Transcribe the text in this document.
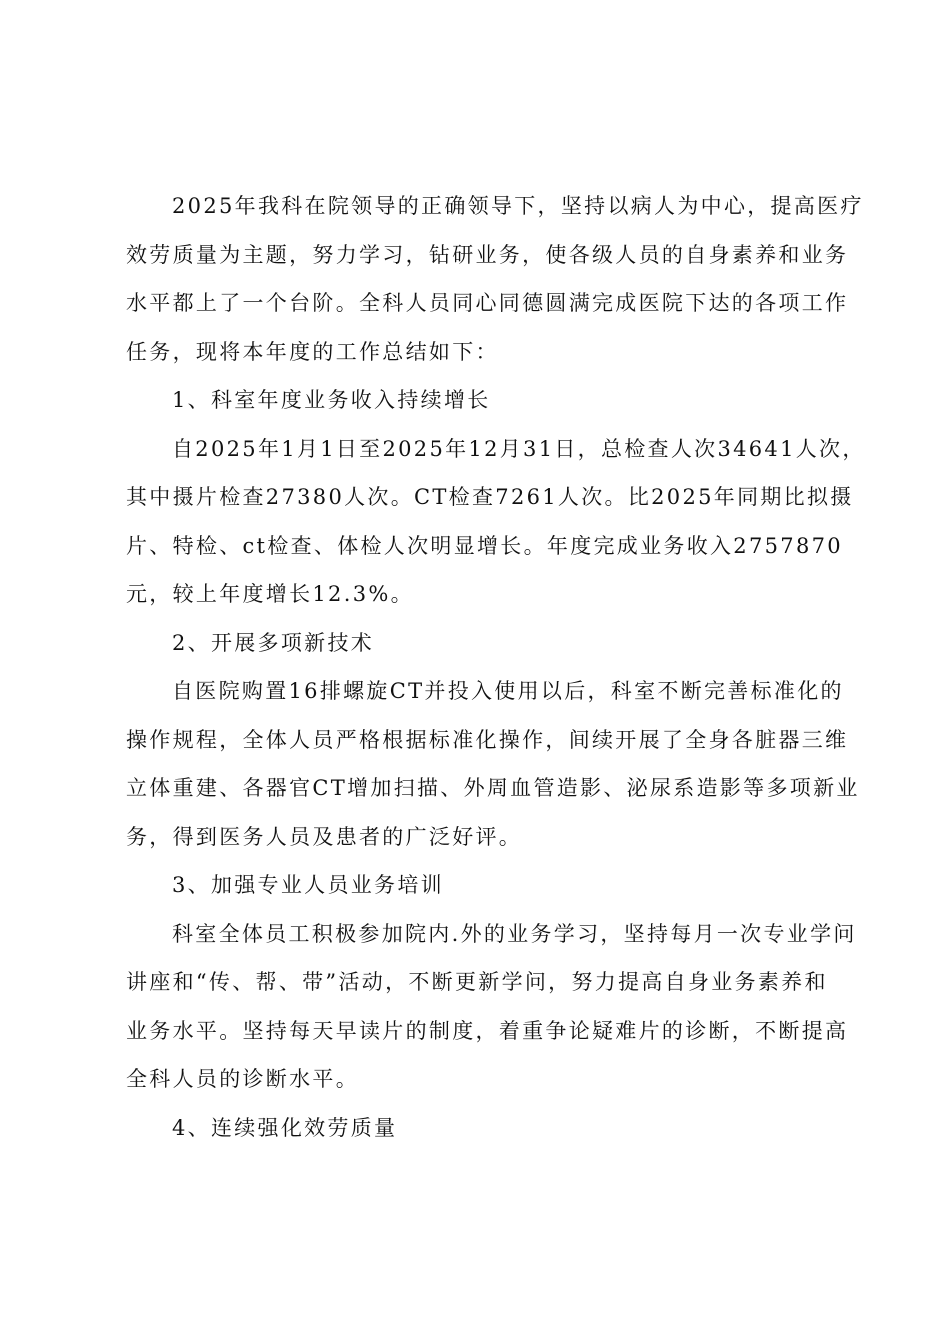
2025年我科在院领导的正确领导下，坚持以病人为中心，提高医疗
效劳质量为主题，努力学习，钻研业务，使各级人员的自身素养和业务
水平都上了一个台阶。全科人员同心同德圆满完成医院下达的各项工作
任务，现将本年度的工作总结如下：

1、科室年度业务收入持续增长

自2025年1月1日至2025年12月31日，总检查人次34641人次，
其中摄片检查27380人次。CT检查7261人次。比2025年同期比拟摄
片、特检、ct检查、体检人次明显增长。年度完成业务收入2757870
元，较上年度增长12.3%。

2、开展多项新技术

自医院购置16排螺旋CT并投入使用以后，科室不断完善标准化的
操作规程，全体人员严格根据标准化操作，间续开展了全身各脏器三维
立体重建、各器官CT增加扫描、外周血管造影、泌尿系造影等多项新业
务，得到医务人员及患者的广泛好评。

3、加强专业人员业务培训

科室全体员工积极参加院内.外的业务学习，坚持每月一次专业学问
讲座和“传、帮、带”活动，不断更新学问，努力提高自身业务素养和
业务水平。坚持每天早读片的制度，着重争论疑难片的诊断，不断提高
全科人员的诊断水平。

4、连续强化效劳质量
